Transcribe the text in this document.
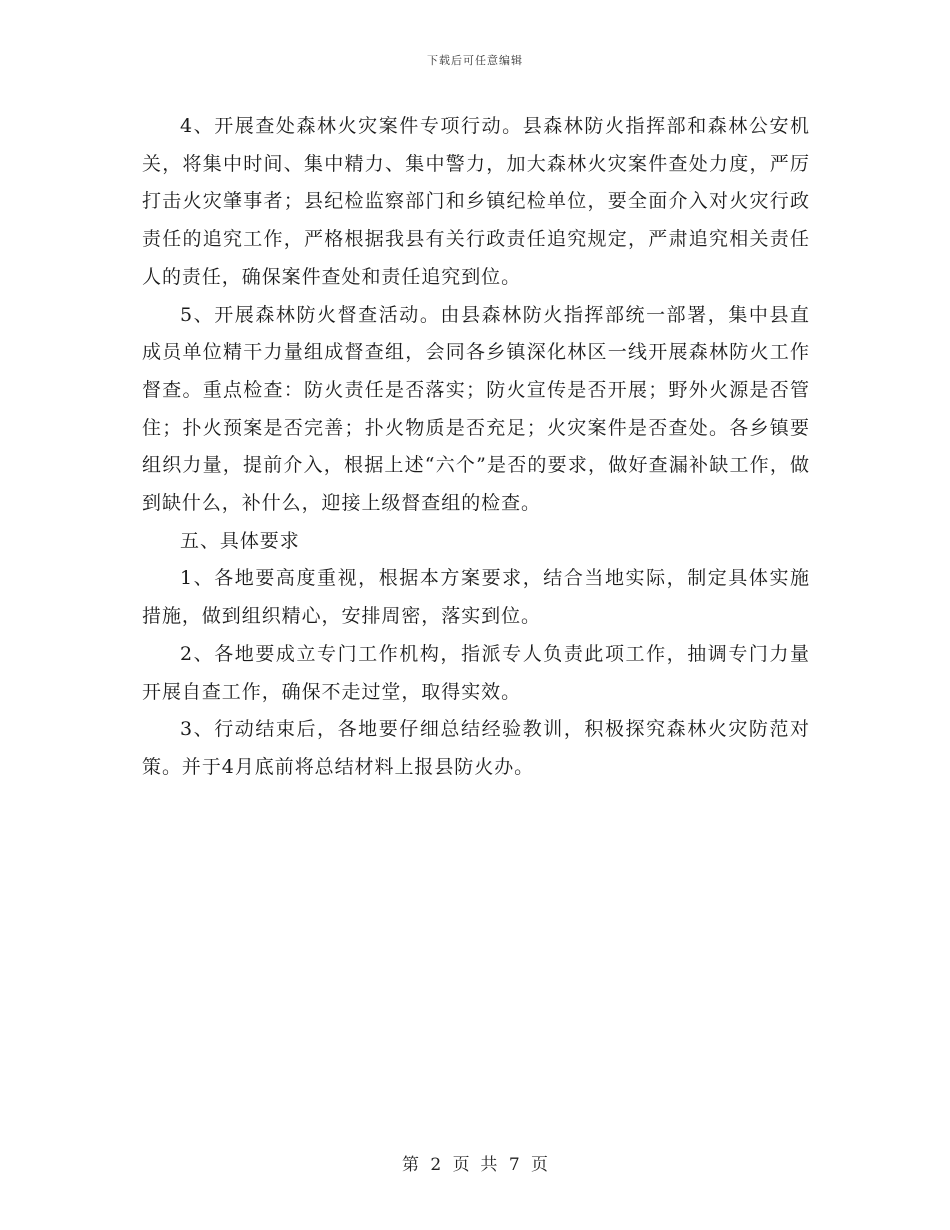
下载后可任意编辑

4、开展查处森林火灾案件专项行动。县森林防火指挥部和森林公安机关，将集中时间、集中精力、集中警力，加大森林火灾案件查处力度，严厉打击火灾肇事者；县纪检监察部门和乡镇纪检单位，要全面介入对火灾行政责任的追究工作，严格根据我县有关行政责任追究规定，严肃追究相关责任人的责任，确保案件查处和责任追究到位。

5、开展森林防火督查活动。由县森林防火指挥部统一部署，集中县直成员单位精干力量组成督查组，会同各乡镇深化林区一线开展森林防火工作督查。重点检查：防火责任是否落实；防火宣传是否开展；野外火源是否管住；扑火预案是否完善；扑火物质是否充足；火灾案件是否查处。各乡镇要组织力量，提前介入，根据上述“六个”是否的要求，做好查漏补缺工作，做到缺什么，补什么，迎接上级督查组的检查。

五、具体要求

1、各地要高度重视，根据本方案要求，结合当地实际，制定具体实施措施，做到组织精心，安排周密，落实到位。

2、各地要成立专门工作机构，指派专人负责此项工作，抽调专门力量开展自查工作，确保不走过堂，取得实效。

3、行动结束后，各地要仔细总结经验教训，积极探究森林火灾防范对策。并于4月底前将总结材料上报县防火办。

第 2 页  共 7 页
